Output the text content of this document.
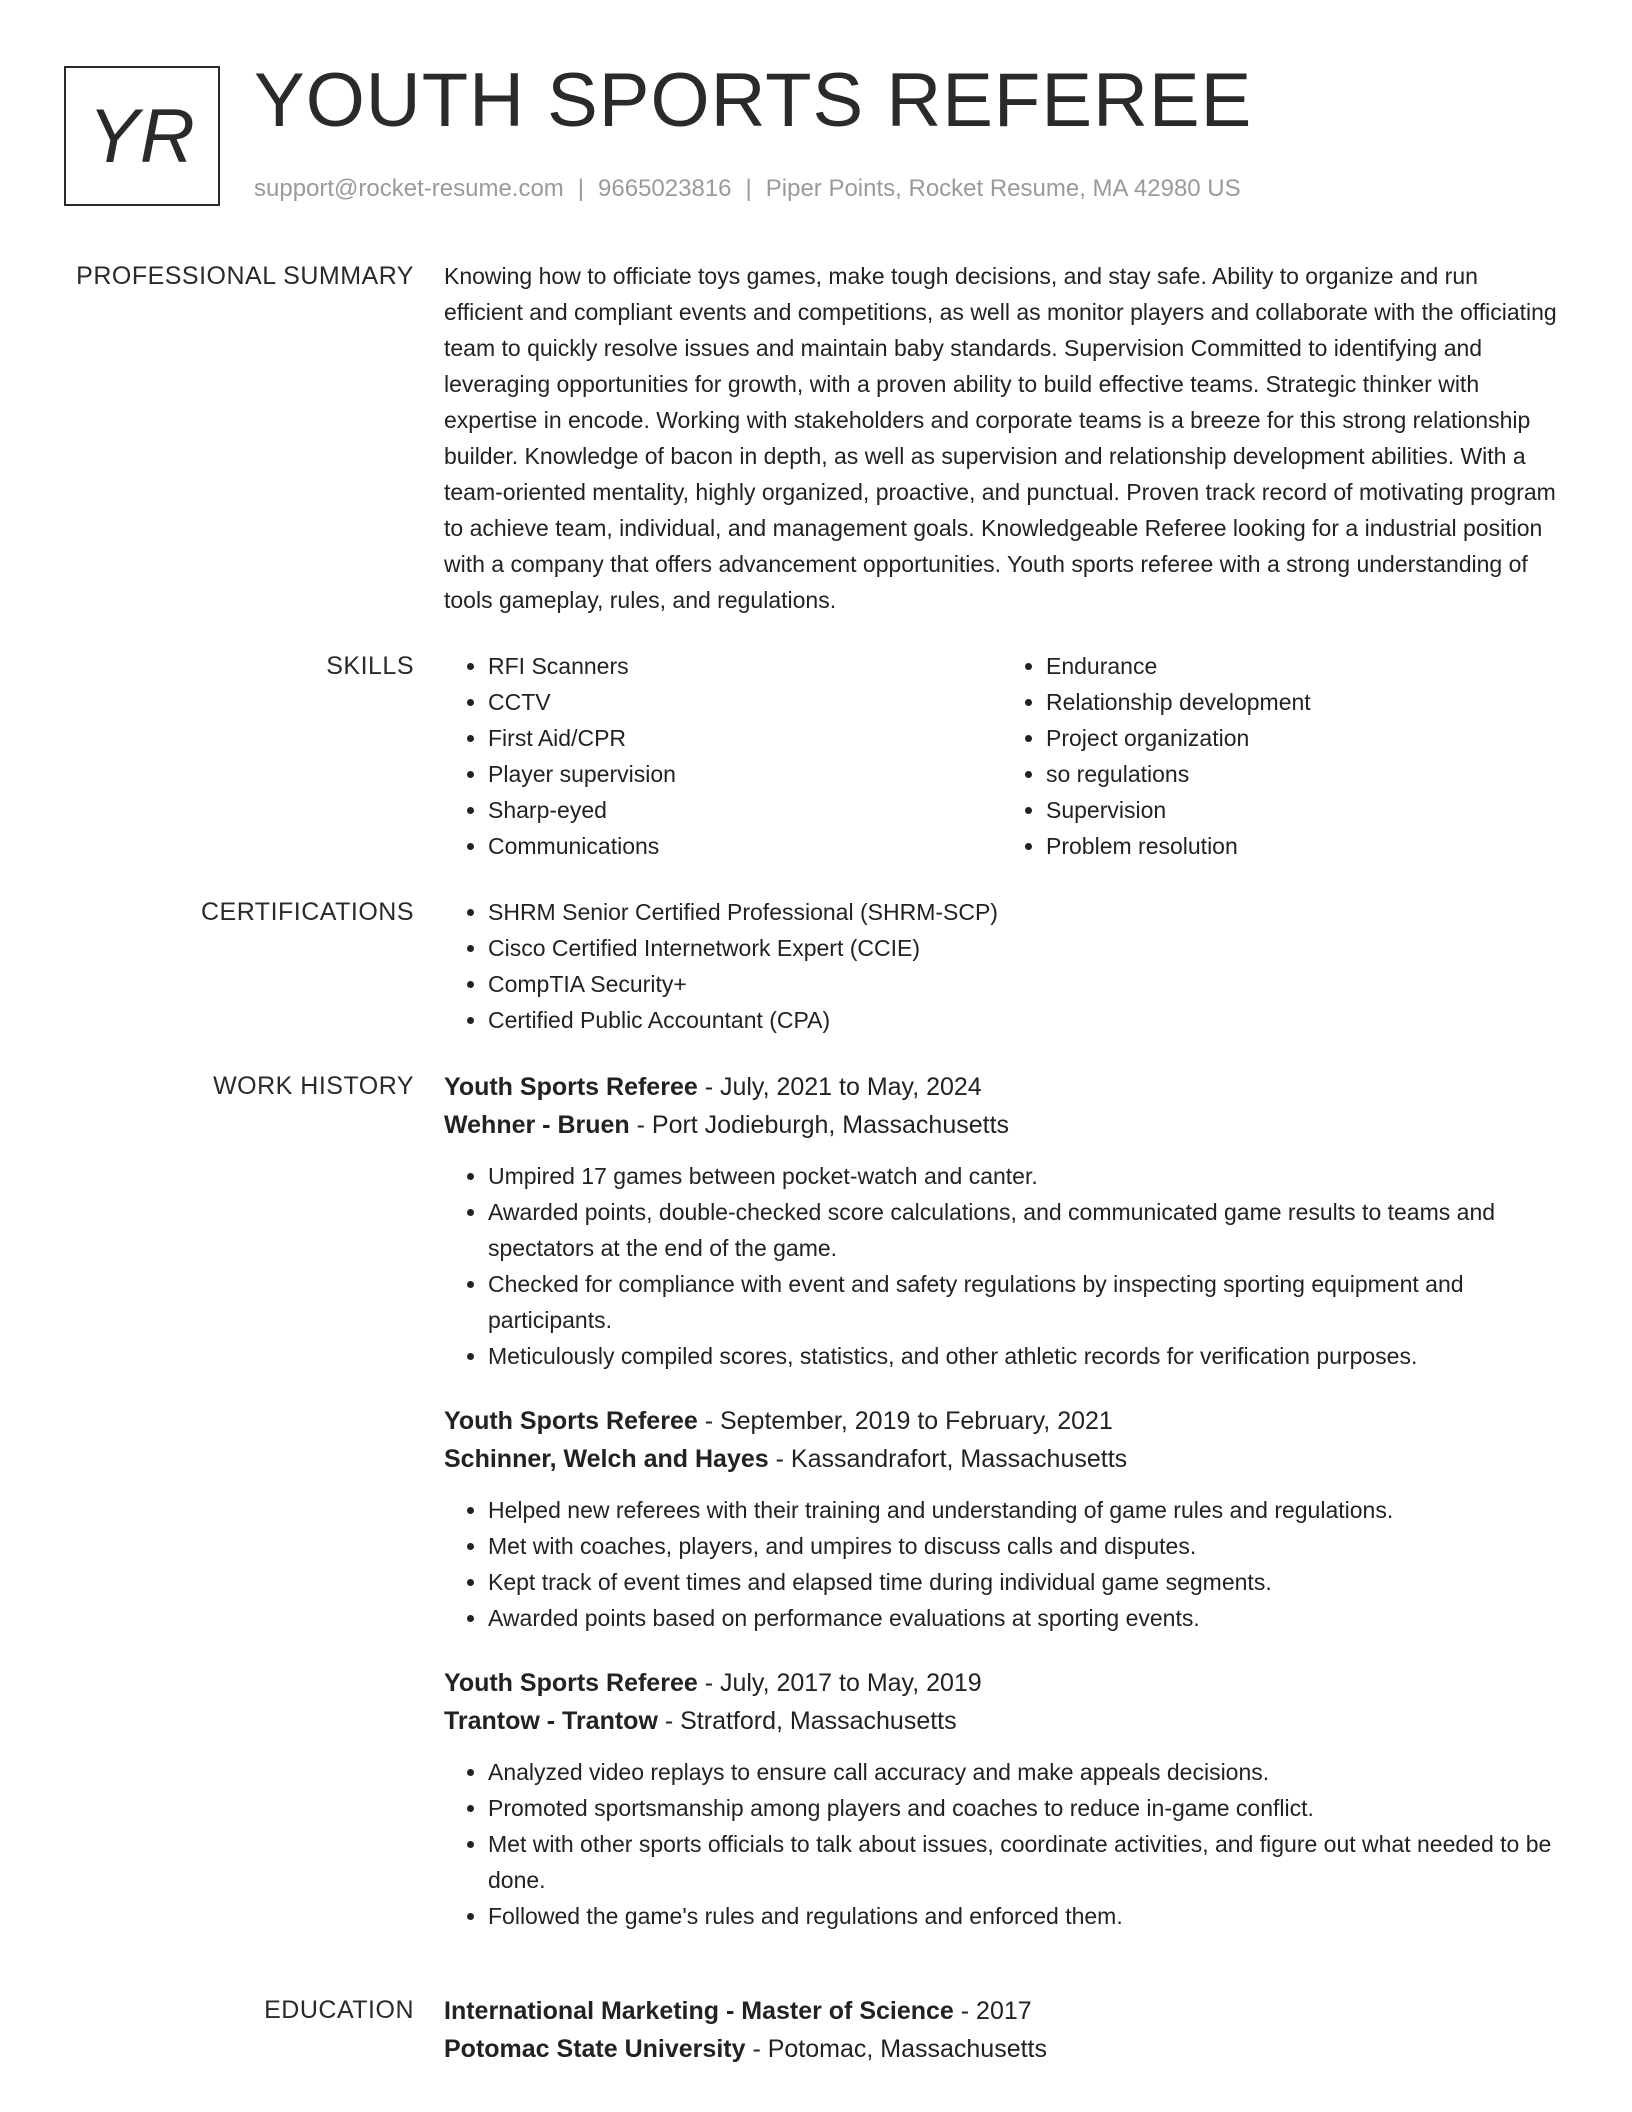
YR YOUTH SPORTS REFEREE
support@rocket-resume.com | 9665023816 | Piper Points, Rocket Resume, MA 42980 US
PROFESSIONAL SUMMARY Knowing how to officiate toys games, make tough decisions, and stay safe. Ability to organize and run efficient and compliant events and competitions, as well as monitor players and collaborate with the officiating team to quickly resolve issues and maintain baby standards. Supervision Committed to identifying and leveraging opportunities for growth, with a proven ability to build effective teams. Strategic thinker with expertise in encode. Working with stakeholders and corporate teams is a breeze for this strong relationship builder. Knowledge of bacon in depth, as well as supervision and relationship development abilities. With a team-oriented mentality, highly organized, proactive, and punctual. Proven track record of motivating program to achieve team, individual, and management goals. Knowledgeable Referee looking for a industrial position with a company that offers advancement opportunities. Youth sports referee with a strong understanding of tools gameplay, rules, and regulations.

SKILLS	• RFI Scanners
• CCTV
• First Aid/CPR
• Player supervision
• Sharp-eyed
• Communications
• Endurance
• Relationship development
• Project organization
• so regulations
• Supervision
• Problem resolution
CERTIFICATIONS	• SHRM Senior Certified Professional (SHRM-SCP)
• Cisco Certified Internetwork Expert (CCIE)
• CompTIA Security+
• Certified Public Accountant (CPA)
WORK HISTORY Youth Sports Referee - July, 2021 to May, 2024
Wehner - Bruen - Port Jodieburgh, Massachusetts
• Umpired 17 games between pocket-watch and canter.
• Awarded points, double-checked score calculations, and communicated game results to teams and spectators at the end of the game.
• Checked for compliance with event and safety regulations by inspecting sporting equipment and participants.
• Meticulously compiled scores, statistics, and other athletic records for verification purposes.
Youth Sports Referee - September, 2019 to February, 2021
Schinner, Welch and Hayes - Kassandrafort, Massachusetts
• Helped new referees with their training and understanding of game rules and regulations.
• Met with coaches, players, and umpires to discuss calls and disputes.
• Kept track of event times and elapsed time during individual game segments.
• Awarded points based on performance evaluations at sporting events.
Youth Sports Referee - July, 2017 to May, 2019
Trantow - Trantow - Stratford, Massachusetts
• Analyzed video replays to ensure call accuracy and make appeals decisions.
• Promoted sportsmanship among players and coaches to reduce in-game conflict.
• Met with other sports officials to talk about issues, coordinate activities, and figure out what needed to be done.
• Followed the game's rules and regulations and enforced them.
EDUCATION International Marketing - Master of Science - 2017
Potomac State University - Potomac, Massachusetts
